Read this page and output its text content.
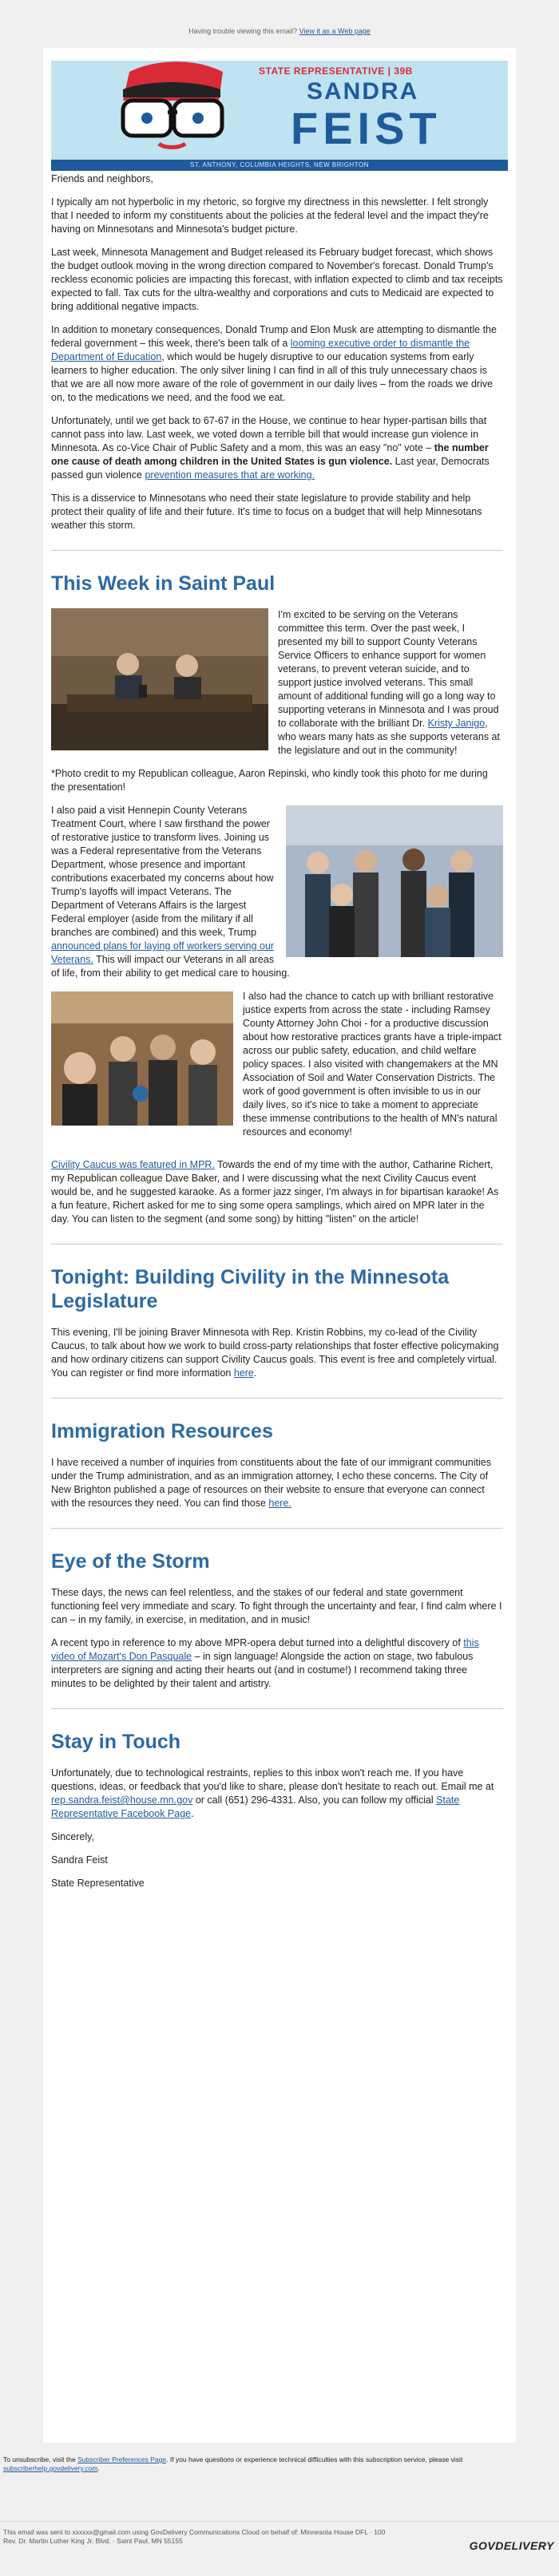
Having trouble viewing this email? View it as a Web page
STATE REPRESENTATIVE | 39B
SANDRA
FEIST
ST. ANTHONY, COLUMBIA HEIGHTS, NEW BRIGHTON

Friends and neighbors,

I typically am not hyperbolic in my rhetoric, so forgive my directness in this newsletter. I felt strongly that I needed to inform my constituents about the policies at the federal level and the impact they're having on Minnesotans and Minnesota's budget picture.

Last week, Minnesota Management and Budget released its February budget forecast, which shows the budget outlook moving in the wrong direction compared to November's forecast. Donald Trump's reckless economic policies are impacting this forecast, with inflation expected to climb and tax receipts expected to fall. Tax cuts for the ultra-wealthy and corporations and cuts to Medicaid are expected to bring additional negative impacts.

In addition to monetary consequences, Donald Trump and Elon Musk are attempting to dismantle the federal government – this week, there's been talk of a looming executive order to dismantle the Department of Education, which would be hugely disruptive to our education systems from early learners to higher education. The only silver lining I can find in all of this truly unnecessary chaos is that we are all now more aware of the role of government in our daily lives – from the roads we drive on, to the medications we need, and the food we eat.

Unfortunately, until we get back to 67-67 in the House, we continue to hear hyper-partisan bills that cannot pass into law. Last week, we voted down a terrible bill that would increase gun violence in Minnesota. As co-Vice Chair of Public Safety and a mom, this was an easy "no" vote – the number one cause of death among children in the United States is gun violence. Last year, Democrats passed gun violence prevention measures that are working.

This is a disservice to Minnesotans who need their state legislature to provide stability and help protect their quality of life and their future. It's time to focus on a budget that will help Minnesotans weather this storm.

This Week in Saint Paul

I'm excited to be serving on the Veterans committee this term. Over the past week, I presented my bill to support County Veterans Service Officers to enhance support for women veterans, to prevent veteran suicide, and to support justice involved veterans. This small amount of additional funding will go a long way to supporting veterans in Minnesota and I was proud to collaborate with the brilliant Dr. Kristy Janigo, who wears many hats as she supports veterans at the legislature and out in the community!

*Photo credit to my Republican colleague, Aaron Repinski, who kindly took this photo for me during the presentation!

I also paid a visit Hennepin County Veterans Treatment Court, where I saw firsthand the power of restorative justice to transform lives. Joining us was a Federal representative from the Veterans Department, whose presence and important contributions exacerbated my concerns about how Trump's layoffs will impact Veterans. The Department of Veterans Affairs is the largest Federal employer (aside from the military if all branches are combined) and this week, Trump announced plans for laying off workers serving our Veterans. This will impact our Veterans in all areas of life, from their ability to get medical care to housing.

I also had the chance to catch up with brilliant restorative justice experts from across the state - including Ramsey County Attorney John Choi - for a productive discussion about how restorative practices grants have a triple-impact across our public safety, education, and child welfare policy spaces. I also visited with changemakers at the MN Association of Soil and Water Conservation Districts. The work of good government is often invisible to us in our daily lives, so it's nice to take a moment to appreciate these immense contributions to the health of MN's natural resources and economy!

Civility Caucus was featured in MPR. Towards the end of my time with the author, Catharine Richert, my Republican colleague Dave Baker, and I were discussing what the next Civility Caucus event would be, and he suggested karaoke. As a former jazz singer, I'm always in for bipartisan karaoke! As a fun feature, Richert asked for me to sing some opera samplings, which aired on MPR later in the day. You can listen to the segment (and some song) by hitting "listen" on the article!

Tonight: Building Civility in the Minnesota Legislature

This evening, I'll be joining Braver Minnesota with Rep. Kristin Robbins, my co-lead of the Civility Caucus, to talk about how we work to build cross-party relationships that foster effective policymaking and how ordinary citizens can support Civility Caucus goals. This event is free and completely virtual. You can register or find more information here.

Immigration Resources

I have received a number of inquiries from constituents about the fate of our immigrant communities under the Trump administration, and as an immigration attorney, I echo these concerns. The City of New Brighton published a page of resources on their website to ensure that everyone can connect with the resources they need. You can find those here.

Eye of the Storm

These days, the news can feel relentless, and the stakes of our federal and state government functioning feel very immediate and scary. To fight through the uncertainty and fear, I find calm where I can – in my family, in exercise, in meditation, and in music!

A recent typo in reference to my above MPR-opera debut turned into a delightful discovery of this video of Mozart's Don Pasquale – in sign language! Alongside the action on stage, two fabulous interpreters are signing and acting their hearts out (and in costume!) I recommend taking three minutes to be delighted by their talent and artistry.

Stay in Touch

Unfortunately, due to technological restraints, replies to this inbox won't reach me. If you have questions, ideas, or feedback that you'd like to share, please don't hesitate to reach out. Email me at rep.sandra.feist@house.mn.gov or call (651) 296-4331. Also, you can follow my official State Representative Facebook Page.

Sincerely,

Sandra Feist

State Representative

To unsubscribe, visit the Subscriber Preferences Page. If you have questions or experience technical difficulties with this subscription service, please visit subscriberhelp.govdelivery.com.

This email was sent to xxxxxx@gmail.com using GovDelivery Communications Cloud on behalf of: Minnesota House DFL · 100

Rev. Dr. Martin Luther King Jr. Blvd. · Saint Paul, MN 55155	GOVDELIVERY
